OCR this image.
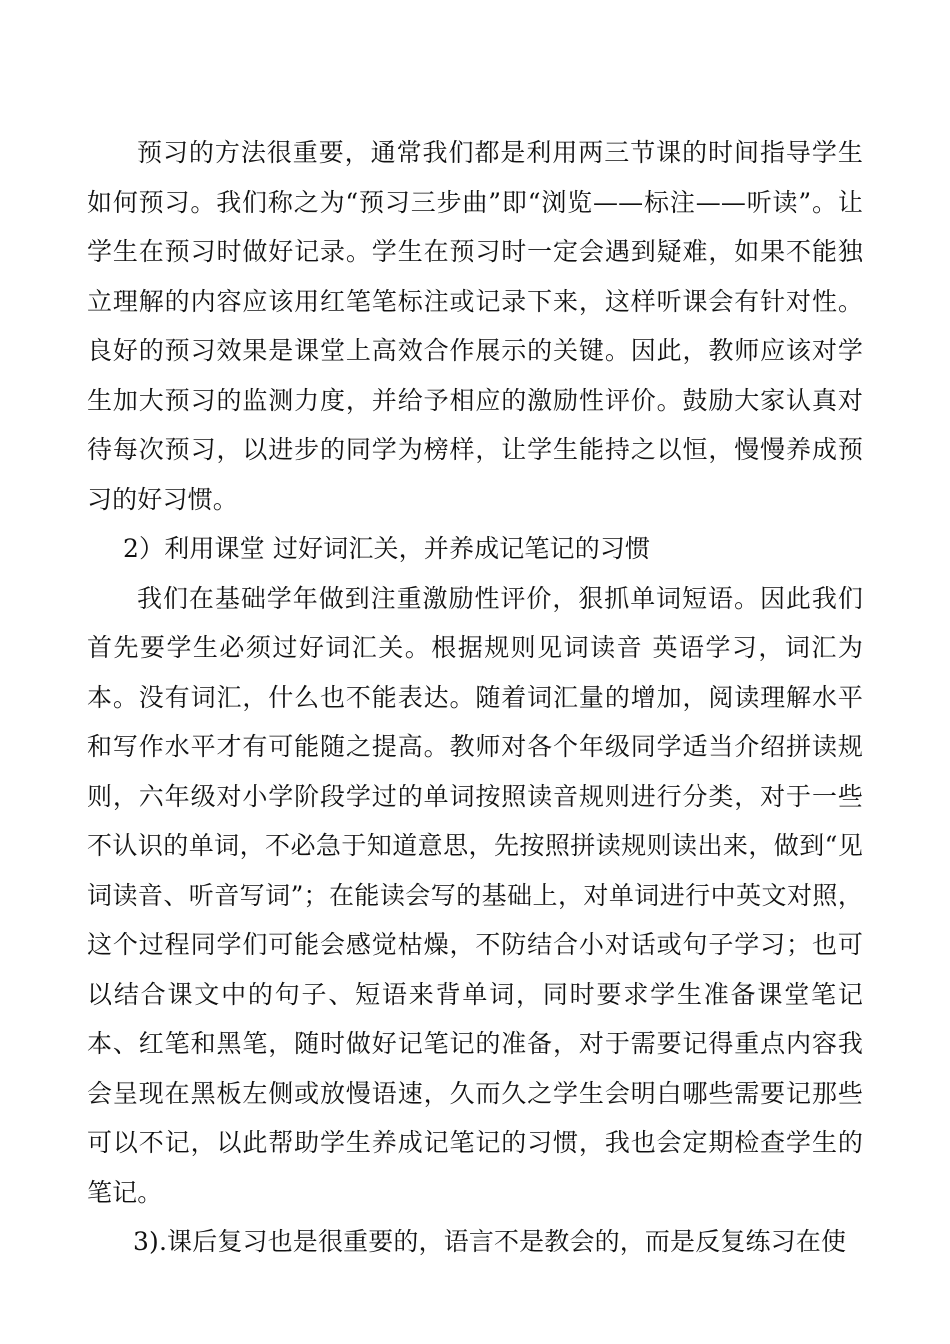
预习的方法很重要，通常我们都是利用两三节课的时间指导学生如何预习。我们称之为“预习三步曲”即“浏览——标注——听读”。让学生在预习时做好记录。学生在预习时一定会遇到疑难，如果不能独立理解的内容应该用红笔笔标注或记录下来，这样听课会有针对性。良好的预习效果是课堂上高效合作展示的关键。因此，教师应该对学生加大预习的监测力度，并给予相应的激励性评价。鼓励大家认真对待每次预习，以进步的同学为榜样，让学生能持之以恒，慢慢养成预习的好习惯。

2）利用课堂 过好词汇关，并养成记笔记的习惯

我们在基础学年做到注重激励性评价，狠抓单词短语。因此我们首先要学生必须过好词汇关。根据规则见词读音 英语学习，词汇为本。没有词汇，什么也不能表达。随着词汇量的增加，阅读理解水平和写作水平才有可能随之提高。教师对各个年级同学适当介绍拼读规则，六年级对小学阶段学过的单词按照读音规则进行分类，对于一些不认识的单词，不必急于知道意思，先按照拼读规则读出来，做到“见词读音、听音写词”；在能读会写的基础上，对单词进行中英文对照，这个过程同学们可能会感觉枯燥，不防结合小对话或句子学习；也可以结合课文中的句子、短语来背单词，同时要求学生准备课堂笔记本、红笔和黑笔，随时做好记笔记的准备，对于需要记得重点内容我会呈现在黑板左侧或放慢语速，久而久之学生会明白哪些需要记那些可以不记，以此帮助学生养成记笔记的习惯，我也会定期检查学生的笔记。

3).课后复习也是很重要的，语言不是教会的，而是反复练习在使
